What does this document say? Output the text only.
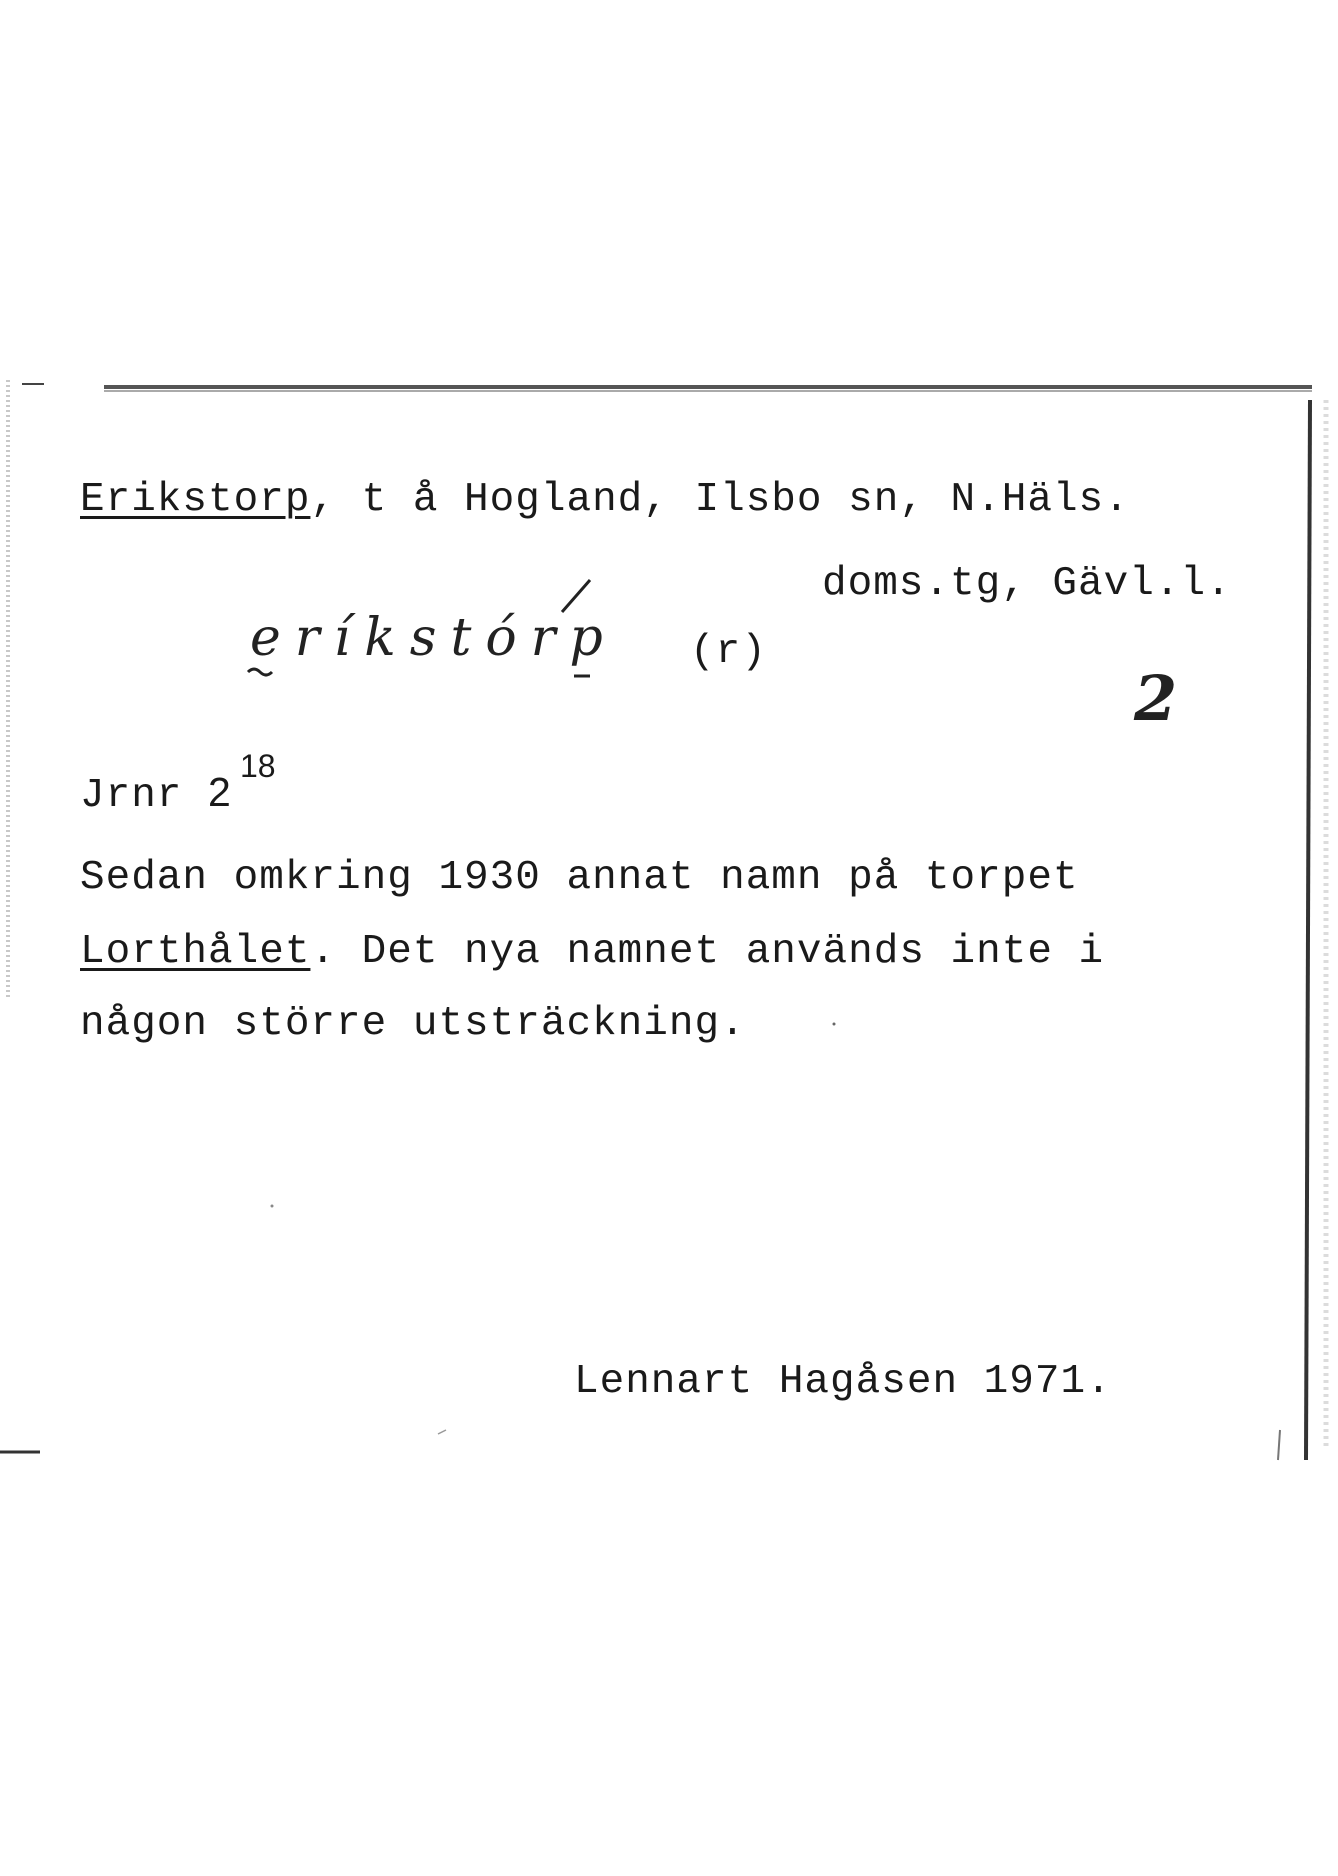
Erikstorp, t å Hogland, Ilsbo sn, N.Häls.
doms.tg, Gävl.l.
eríkstórp (r)
2
Jrnr 2
18
Sedan omkring 1930 annat namn på torpet
Lorthålet. Det nya namnet används inte i
någon större utsträckning.
Lennart Hagåsen 1971.
